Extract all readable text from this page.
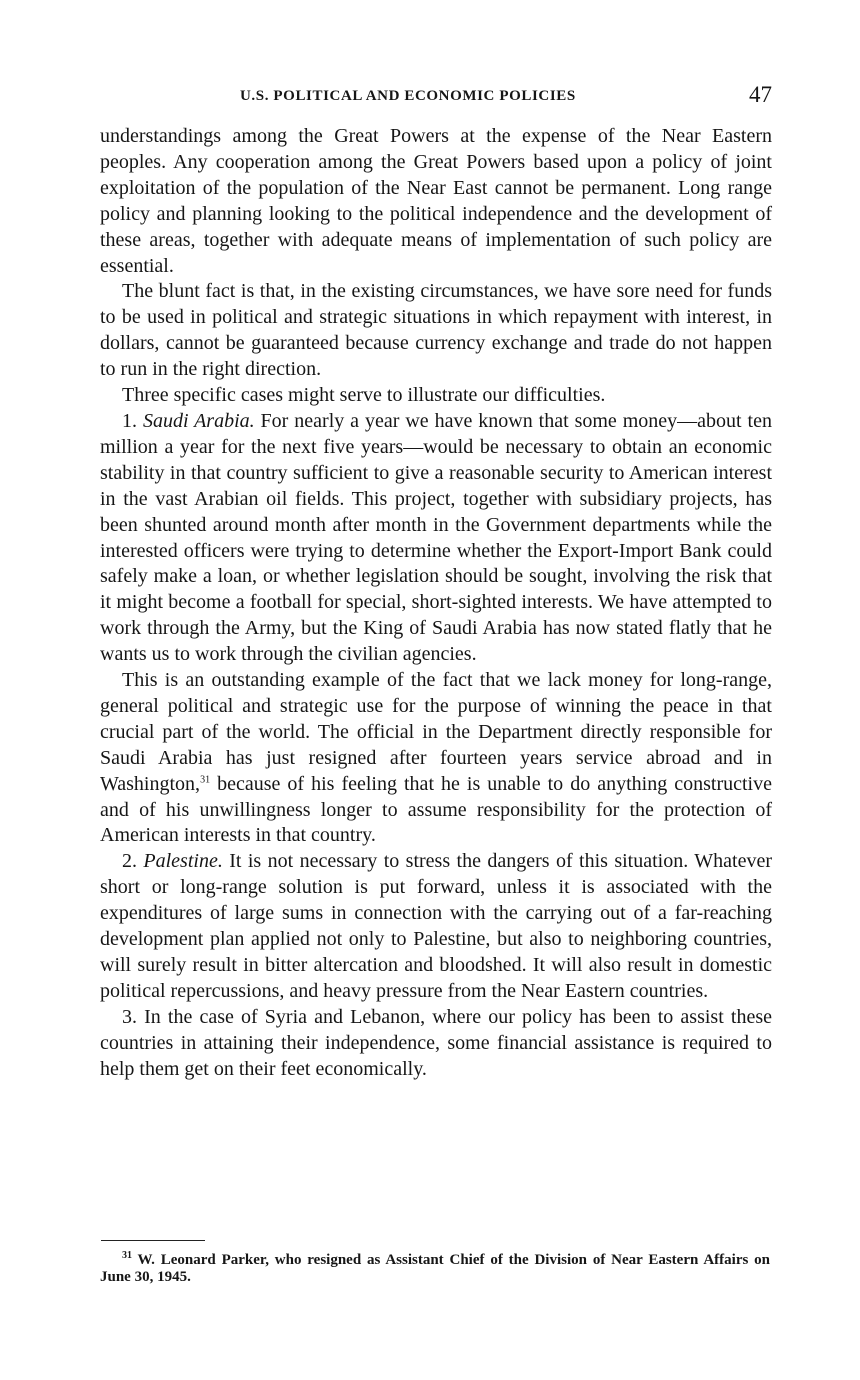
U.S. POLITICAL AND ECONOMIC POLICIES	47

understandings among the Great Powers at the expense of the Near Eastern peoples. Any cooperation among the Great Powers based upon a policy of joint exploitation of the population of the Near East cannot be permanent. Long range policy and planning looking to the political independence and the development of these areas, together with adequate means of implementation of such policy are essential.

The blunt fact is that, in the existing circumstances, we have sore need for funds to be used in political and strategic situations in which repayment with interest, in dollars, cannot be guaranteed because currency exchange and trade do not happen to run in the right direction.

Three specific cases might serve to illustrate our difficulties.

1. Saudi Arabia. For nearly a year we have known that some money—about ten million a year for the next five years—would be necessary to obtain an economic stability in that country sufficient to give a reasonable security to American interest in the vast Arabian oil fields. This project, together with subsidiary projects, has been shunted around month after month in the Government departments while the interested officers were trying to determine whether the Export-Import Bank could safely make a loan, or whether legislation should be sought, involving the risk that it might become a football for special, short-sighted interests. We have attempted to work through the Army, but the King of Saudi Arabia has now stated flatly that he wants us to work through the civilian agencies.

This is an outstanding example of the fact that we lack money for long-range, general political and strategic use for the purpose of winning the peace in that crucial part of the world. The official in the Department directly responsible for Saudi Arabia has just resigned after fourteen years service abroad and in Washington,$^{31}$ because of his feeling that he is unable to do anything constructive and of his unwillingness longer to assume responsibility for the protection of American interests in that country.

2. Palestine. It is not necessary to stress the dangers of this situation. Whatever short or long-range solution is put forward, unless it is associated with the expenditures of large sums in connection with the carrying out of a far-reaching development plan applied not only to Palestine, but also to neighboring countries, will surely result in bitter altercation and bloodshed. It will also result in domestic political repercussions, and heavy pressure from the Near Eastern countries.

3. In the case of Syria and Lebanon, where our policy has been to assist these countries in attaining their independence, some financial assistance is required to help them get on their feet economically.

$^{31}$ W. Leonard Parker, who resigned as Assistant Chief of the Division of Near Eastern Affairs on June 30, 1945.
